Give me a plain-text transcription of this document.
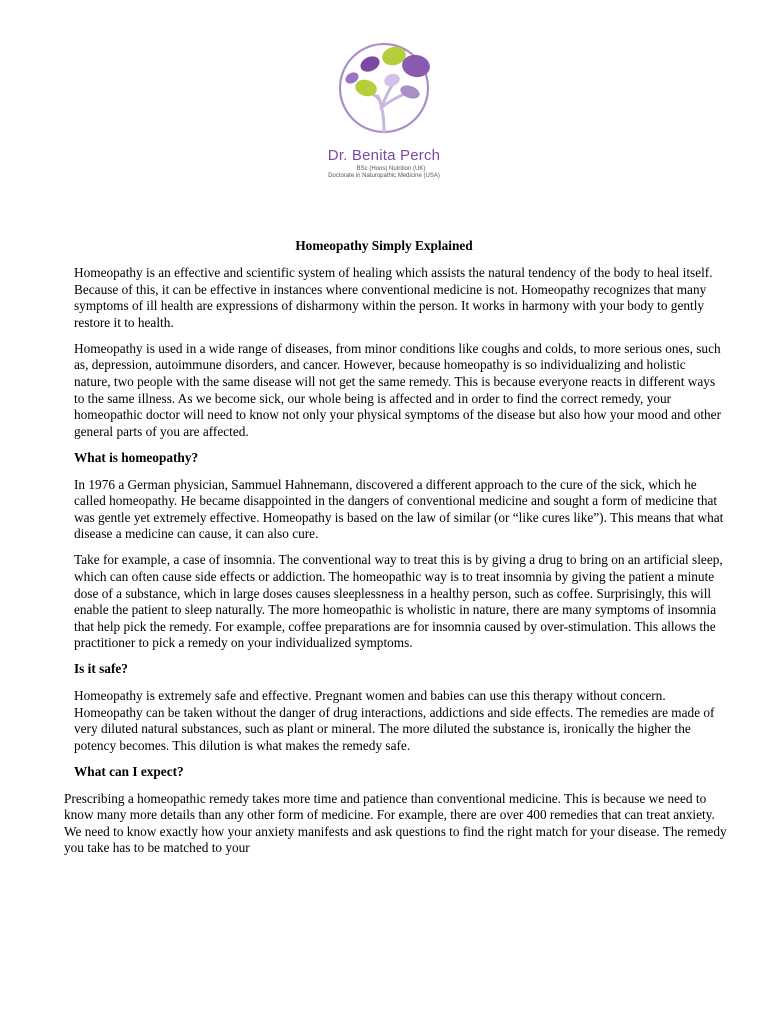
Dr. Benita Perch
BSc (Hons) Nutrition (UK)
Doctorate in Naturopathic Medicine (USA)
Homeopathy Simply Explained

Homeopathy is an effective and scientific system of healing which assists the natural tendency of the body to heal itself. Because of this, it can be effective in instances where conventional medicine is not. Homeopathy recognizes that many symptoms of ill health are expressions of disharmony within the person. It works in harmony with your body to gently restore it to health.

Homeopathy is used in a wide range of diseases, from minor conditions like coughs and colds, to more serious ones, such as, depression, autoimmune disorders, and cancer. However, because homeopathy is so individualizing and holistic nature, two people with the same disease will not get the same remedy. This is because everyone reacts in different ways to the same illness. As we become sick, our whole being is affected and in order to find the correct remedy, your homeopathic doctor will need to know not only your physical symptoms of the disease but also how your mood and other general parts of you are affected.

What is homeopathy?

In 1976 a German physician, Sammuel Hahnemann, discovered a different approach to the cure of the sick, which he called homeopathy. He became disappointed in the dangers of conventional medicine and sought a form of medicine that was gentle yet extremely effective. Homeopathy is based on the law of similar (or “like cures like”). This means that what disease a medicine can cause, it can also cure.

Take for example, a case of insomnia. The conventional way to treat this is by giving a drug to bring on an artificial sleep, which can often cause side effects or addiction. The homeopathic way is to treat insomnia by giving the patient a minute dose of a substance, which in large doses causes sleeplessness in a healthy person, such as coffee. Surprisingly, this will enable the patient to sleep naturally. The more homeopathic is wholistic in nature, there are many symptoms of insomnia that help pick the remedy. For example, coffee preparations are for insomnia caused by over-stimulation. This allows the practitioner to pick a remedy on your individualized symptoms.

Is it safe?

Homeopathy is extremely safe and effective. Pregnant women and babies can use this therapy without concern. Homeopathy can be taken without the danger of drug interactions, addictions and side effects. The remedies are made of very diluted natural substances, such as plant or mineral. The more diluted the substance is, ironically the higher the potency becomes. This dilution is what makes the remedy safe.

What can I expect?

Prescribing a homeopathic remedy takes more time and patience than conventional medicine. This is because we need to know many more details than any other form of medicine. For example, there are over 400 remedies that can treat anxiety. We need to know exactly how your anxiety manifests and ask questions to find the right match for your disease. The remedy you take has to be matched to your
